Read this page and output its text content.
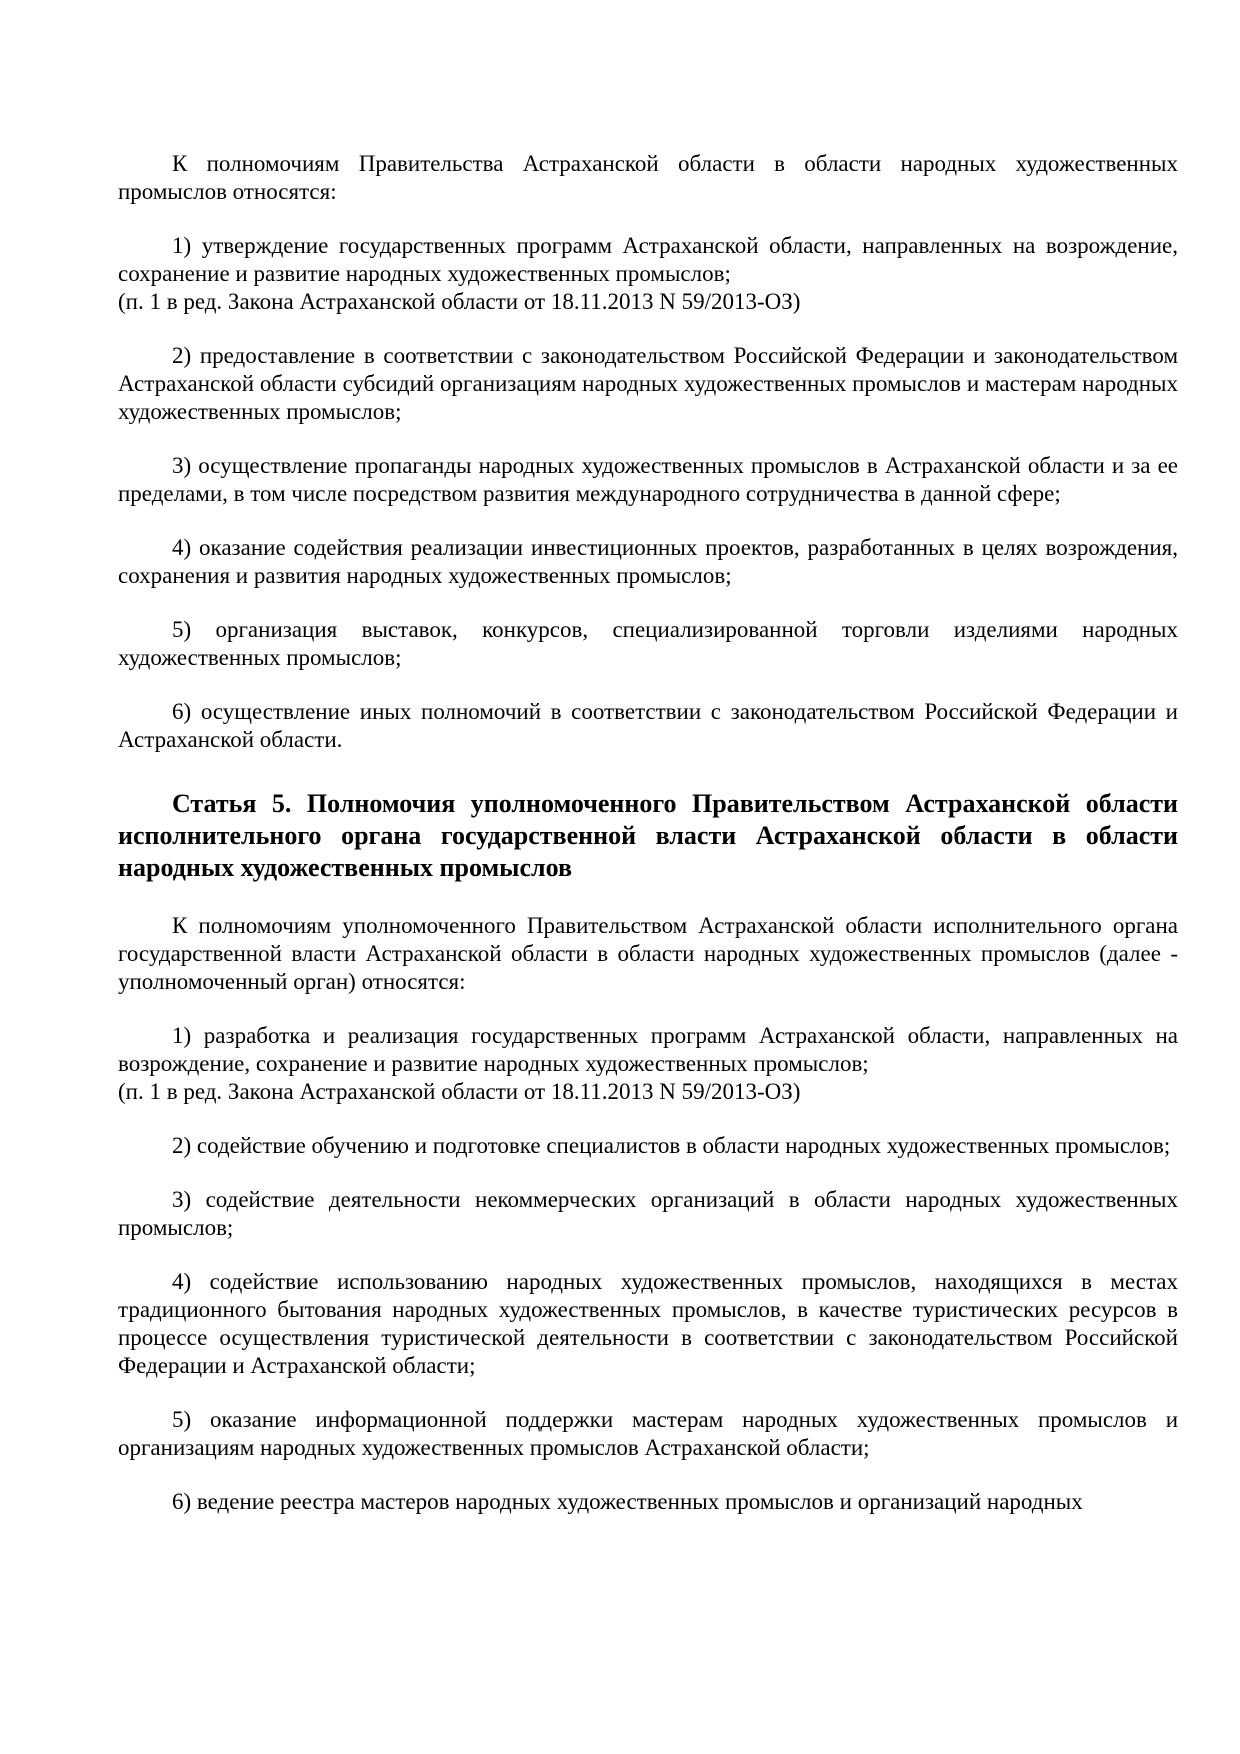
К полномочиям Правительства Астраханской области в области народных художественных промыслов относятся:

1) утверждение государственных программ Астраханской области, направленных на возрождение, сохранение и развитие народных художественных промыслов;

(п. 1 в ред. Закона Астраханской области от 18.11.2013 N 59/2013-ОЗ)

2) предоставление в соответствии с законодательством Российской Федерации и законодательством Астраханской области субсидий организациям народных художественных промыслов и мастерам народных художественных промыслов;

3) осуществление пропаганды народных художественных промыслов в Астраханской области и за ее пределами, в том числе посредством развития международного сотрудничества в данной сфере;

4) оказание содействия реализации инвестиционных проектов, разработанных в целях возрождения, сохранения и развития народных художественных промыслов;

5) организация выставок, конкурсов, специализированной торговли изделиями народных художественных промыслов;

6) осуществление иных полномочий в соответствии с законодательством Российской Федерации и Астраханской области.

Статья 5. Полномочия уполномоченного Правительством Астраханской области исполнительного органа государственной власти Астраханской области в области народных художественных промыслов

К полномочиям уполномоченного Правительством Астраханской области исполнительного органа государственной власти Астраханской области в области народных художественных промыслов (далее - уполномоченный орган) относятся:

1) разработка и реализация государственных программ Астраханской области, направленных на возрождение, сохранение и развитие народных художественных промыслов;

(п. 1 в ред. Закона Астраханской области от 18.11.2013 N 59/2013-ОЗ)

2) содействие обучению и подготовке специалистов в области народных художественных промыслов;

3) содействие деятельности некоммерческих организаций в области народных художественных промыслов;

4) содействие использованию народных художественных промыслов, находящихся в местах традиционного бытования народных художественных промыслов, в качестве туристических ресурсов в процессе осуществления туристической деятельности в соответствии с законодательством Российской Федерации и Астраханской области;

5) оказание информационной поддержки мастерам народных художественных промыслов и организациям народных художественных промыслов Астраханской области;

6) ведение реестра мастеров народных художественных промыслов и организаций народных
